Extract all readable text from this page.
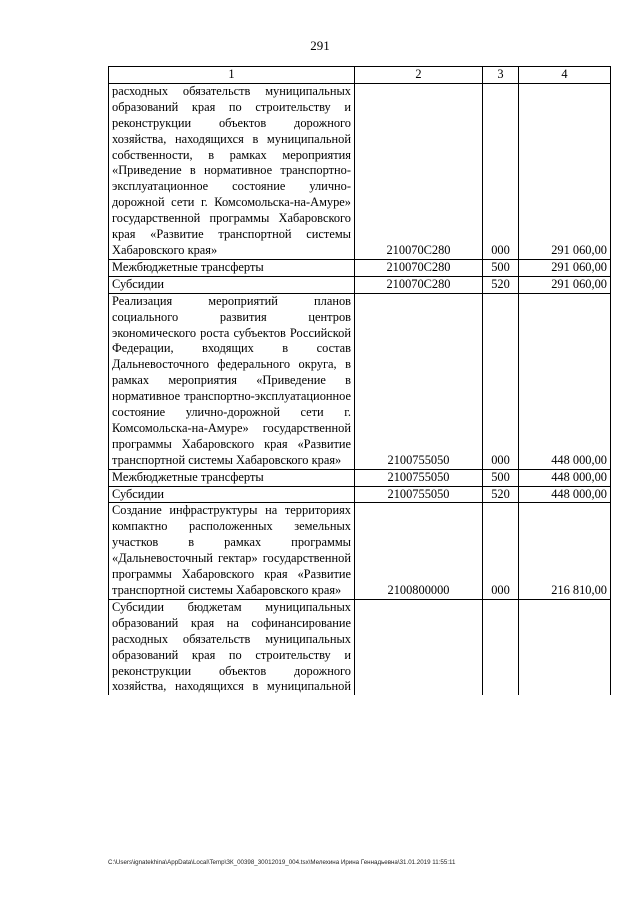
291
1	2	3	4
расходных обязательств муниципальных образований края по строительству и реконструкции объектов дорожного хозяйства, находящихся в муниципальной собственности, в рамках мероприятия «Приведение в нормативное транспортно-эксплуатационное состояние улично-дорожной сети г. Комсомольска-на-Амуре» государственной программы Хабаровского края «Развитие транспортной системы Хабаровского края»	210070С280	000	291 060,00
Межбюджетные трансферты	210070С280	500	291 060,00
Субсидии	210070С280	520	291 060,00
Реализация мероприятий планов социального развития центров экономического роста субъектов Российской Федерации, входящих в состав Дальневосточного федерального округа, в рамках мероприятия «Приведение в нормативное транспортно-эксплуатационное состояние улично-дорожной сети г. Комсомольска-на-Амуре» государственной программы Хабаровского края «Развитие транспортной системы Хабаровского края»	2100755050	000	448 000,00
Межбюджетные трансферты	2100755050	500	448 000,00
Субсидии	2100755050	520	448 000,00
Создание инфраструктуры на территориях компактно расположенных земельных участков в рамках программы «Дальневосточный гектар» государственной программы Хабаровского края «Развитие транспортной системы Хабаровского края»	2100800000	000	216 810,00
Субсидии бюджетам муниципальных образований края на софинансирование расходных обязательств муниципальных образований края по строительству и реконструкции объектов дорожного хозяйства, находящихся в муниципальной			
C:\Users\ignatekhina\AppData\Local\Temp\ЗК_00398_30012019_004.tsx\Мелехина Ирина Геннадьевна\31.01.2019 11:55:11
